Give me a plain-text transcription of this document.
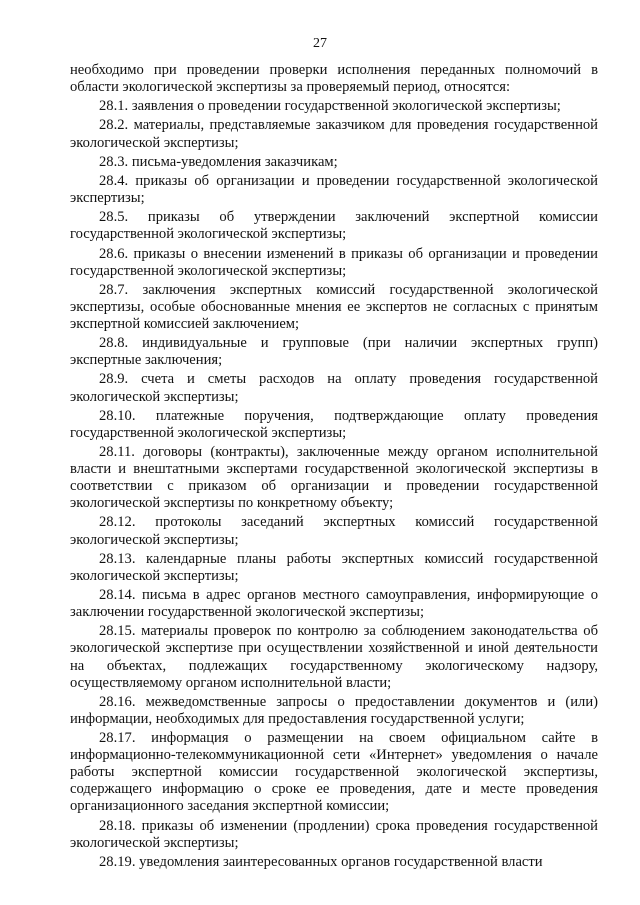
27

необходимо при проведении проверки исполнения переданных полномочий в области экологической экспертизы за проверяемый период, относятся:

28.1. заявления о проведении государственной экологической экспертизы;

28.2. материалы, представляемые заказчиком для проведения государственной экологической экспертизы;

28.3. письма-уведомления заказчикам;

28.4. приказы об организации и проведении государственной экологической экспертизы;

28.5. приказы об утверждении заключений экспертной комиссии государственной экологической экспертизы;

28.6. приказы о внесении изменений в приказы об организации и проведении государственной экологической экспертизы;

28.7. заключения экспертных комиссий государственной экологической экспертизы, особые обоснованные мнения ее экспертов не согласных с принятым экспертной комиссией заключением;

28.8. индивидуальные и групповые (при наличии экспертных групп) экспертные заключения;

28.9. счета и сметы расходов на оплату проведения государственной экологической экспертизы;

28.10. платежные поручения, подтверждающие оплату проведения государственной экологической экспертизы;

28.11. договоры (контракты), заключенные между органом исполнительной власти и внештатными экспертами государственной экологической экспертизы в соответствии с приказом об организации и проведении государственной экологической экспертизы по конкретному объекту;

28.12. протоколы заседаний экспертных комиссий государственной экологической экспертизы;

28.13. календарные планы работы экспертных комиссий государственной экологической экспертизы;

28.14. письма в адрес органов местного самоуправления, информирующие о заключении государственной экологической экспертизы;

28.15. материалы проверок по контролю за соблюдением законодательства об экологической экспертизе при осуществлении хозяйственной и иной деятельности на объектах, подлежащих государственному экологическому надзору, осуществляемому органом исполнительной власти;

28.16. межведомственные запросы о предоставлении документов и (или) информации, необходимых для предоставления государственной услуги;

28.17. информация о размещении на своем официальном сайте в информационно-телекоммуникационной сети «Интернет» уведомления о начале работы экспертной комиссии государственной экологической экспертизы, содержащего информацию о сроке ее проведения, дате и месте проведения организационного заседания экспертной комиссии;

28.18. приказы об изменении (продлении) срока проведения государственной экологической экспертизы;

28.19. уведомления заинтересованных органов государственной власти
